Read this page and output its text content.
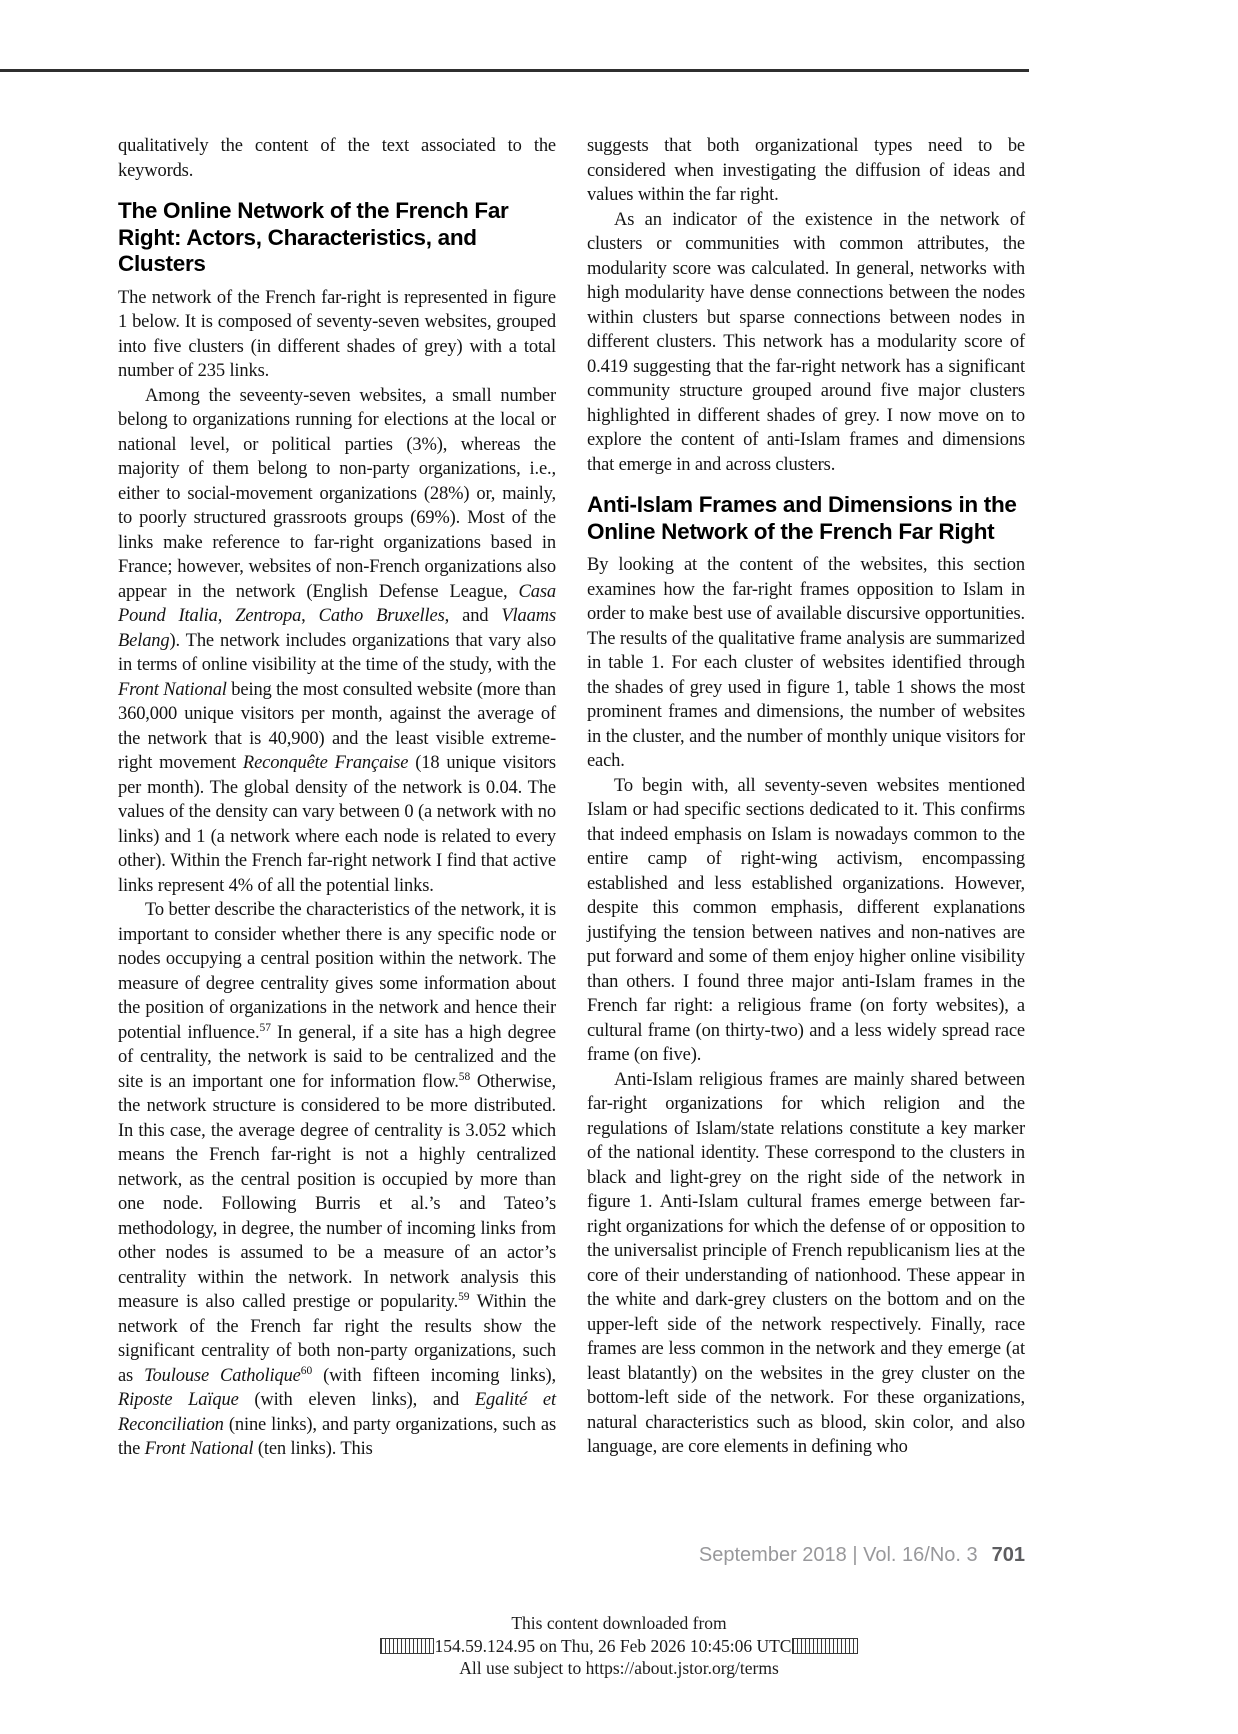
qualitatively the content of the text associated to the keywords.

The Online Network of the French Far Right: Actors, Characteristics, and Clusters

The network of the French far-right is represented in figure 1 below. It is composed of seventy-seven websites, grouped into five clusters (in different shades of grey) with a total number of 235 links.

Among the seveenty-seven websites, a small number belong to organizations running for elections at the local or national level, or political parties (3%), whereas the majority of them belong to non-party organizations, i.e., either to social-movement organizations (28%) or, mainly, to poorly structured grassroots groups (69%). Most of the links make reference to far-right organizations based in France; however, websites of non-French organizations also appear in the network (English Defense League, Casa Pound Italia, Zentropa, Catho Bruxelles, and Vlaams Belang). The network includes organizations that vary also in terms of online visibility at the time of the study, with the Front National being the most consulted website (more than 360,000 unique visitors per month, against the average of the network that is 40,900) and the least visible extreme-right movement Reconquête Française (18 unique visitors per month). The global density of the network is 0.04. The values of the density can vary between 0 (a network with no links) and 1 (a network where each node is related to every other). Within the French far-right network I find that active links represent 4% of all the potential links.

To better describe the characteristics of the network, it is important to consider whether there is any specific node or nodes occupying a central position within the network. The measure of degree centrality gives some information about the position of organizations in the network and hence their potential influence.$^{57}$ In general, if a site has a high degree of centrality, the network is said to be centralized and the site is an important one for information flow.$^{58}$ Otherwise, the network structure is considered to be more distributed. In this case, the average degree of centrality is 3.052 which means the French far-right is not a highly centralized network, as the central position is occupied by more than one node. Following Burris et al.’s and Tateo’s methodology, in degree, the number of incoming links from other nodes is assumed to be a measure of an actor’s centrality within the network. In network analysis this measure is also called prestige or popularity.$^{59}$ Within the network of the French far right the results show the significant centrality of both non-party organizations, such as Toulouse Catholique$^{60}$ (with fifteen incoming links), Riposte Laïque (with eleven links), and Egalité et Reconciliation (nine links), and party organizations, such as the Front National (ten links). This

suggests that both organizational types need to be considered when investigating the diffusion of ideas and values within the far right.

As an indicator of the existence in the network of clusters or communities with common attributes, the modularity score was calculated. In general, networks with high modularity have dense connections between the nodes within clusters but sparse connections between nodes in different clusters. This network has a modularity score of 0.419 suggesting that the far-right network has a significant community structure grouped around five major clusters highlighted in different shades of grey. I now move on to explore the content of anti-Islam frames and dimensions that emerge in and across clusters.

Anti-Islam Frames and Dimensions in the Online Network of the French Far Right

By looking at the content of the websites, this section examines how the far-right frames opposition to Islam in order to make best use of available discursive opportunities. The results of the qualitative frame analysis are summarized in table 1. For each cluster of websites identified through the shades of grey used in figure 1, table 1 shows the most prominent frames and dimensions, the number of websites in the cluster, and the number of monthly unique visitors for each.

To begin with, all seventy-seven websites mentioned Islam or had specific sections dedicated to it. This confirms that indeed emphasis on Islam is nowadays common to the entire camp of right-wing activism, encompassing established and less established organizations. However, despite this common emphasis, different explanations justifying the tension between natives and non-natives are put forward and some of them enjoy higher online visibility than others. I found three major anti-Islam frames in the French far right: a religious frame (on forty websites), a cultural frame (on thirty-two) and a less widely spread race frame (on five).

Anti-Islam religious frames are mainly shared between far-right organizations for which religion and the regulations of Islam/state relations constitute a key marker of the national identity. These correspond to the clusters in black and light-grey on the right side of the network in figure 1. Anti-Islam cultural frames emerge between far-right organizations for which the defense of or opposition to the universalist principle of French republicanism lies at the core of their understanding of nationhood. These appear in the white and dark-grey clusters on the bottom and on the upper-left side of the network respectively. Finally, race frames are less common in the network and they emerge (at least blatantly) on the websites in the grey cluster on the bottom-left side of the network. For these organizations, natural characteristics such as blood, skin color, and also language, are core elements in defining who

September 2018 | Vol. 16/No. 3 701
This content downloaded from
154.59.124.95 on Thu, 26 Feb 2026 10:45:06 UTC
All use subject to https://about.jstor.org/terms
